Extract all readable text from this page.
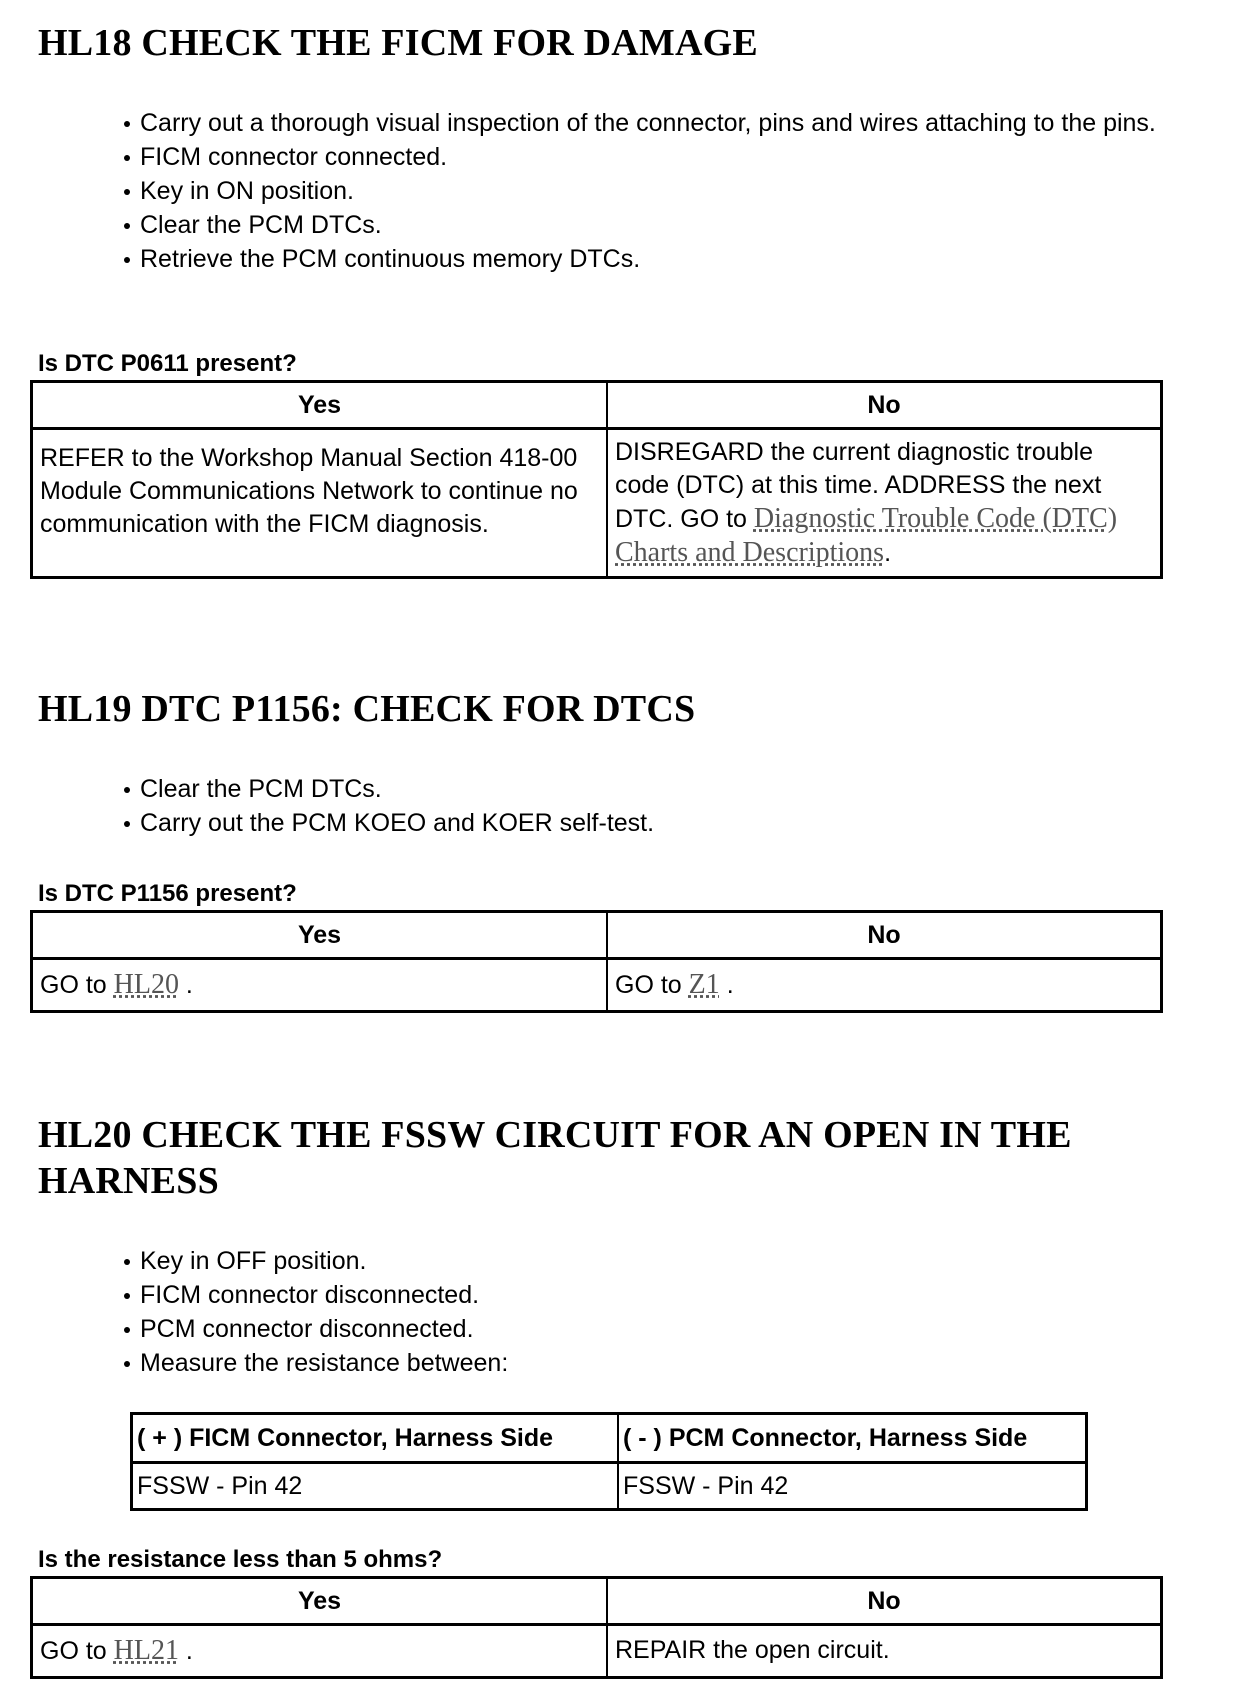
HL18 CHECK THE FICM FOR DAMAGE
Carry out a thorough visual inspection of the connector, pins and wires attaching to the pins.
FICM connector connected.
Key in ON position.
Clear the PCM DTCs.
Retrieve the PCM continuous memory DTCs.

Is DTC P0611 present?

Yes	No
REFER to the Workshop Manual Section 418-00 Module Communications Network to continue no communication with the FICM diagnosis.	DISREGARD the current diagnostic trouble code (DTC) at this time. ADDRESS the next DTC. GO to Diagnostic Trouble Code (DTC) Charts and Descriptions.
HL19 DTC P1156: CHECK FOR DTCS
Clear the PCM DTCs.
Carry out the PCM KOEO and KOER self-test.

Is DTC P1156 present?

Yes	No
GO to HL20 .	GO to Z1 .
HL20 CHECK THE FSSW CIRCUIT FOR AN OPEN IN THE
HARNESS
Key in OFF position.
FICM connector disconnected.
PCM connector disconnected.
Measure the resistance between:
( + ) FICM Connector, Harness Side	( - ) PCM Connector, Harness Side
FSSW - Pin 42	FSSW - Pin 42

Is the resistance less than 5 ohms?

Yes	No
GO to HL21 .	REPAIR the open circuit.
